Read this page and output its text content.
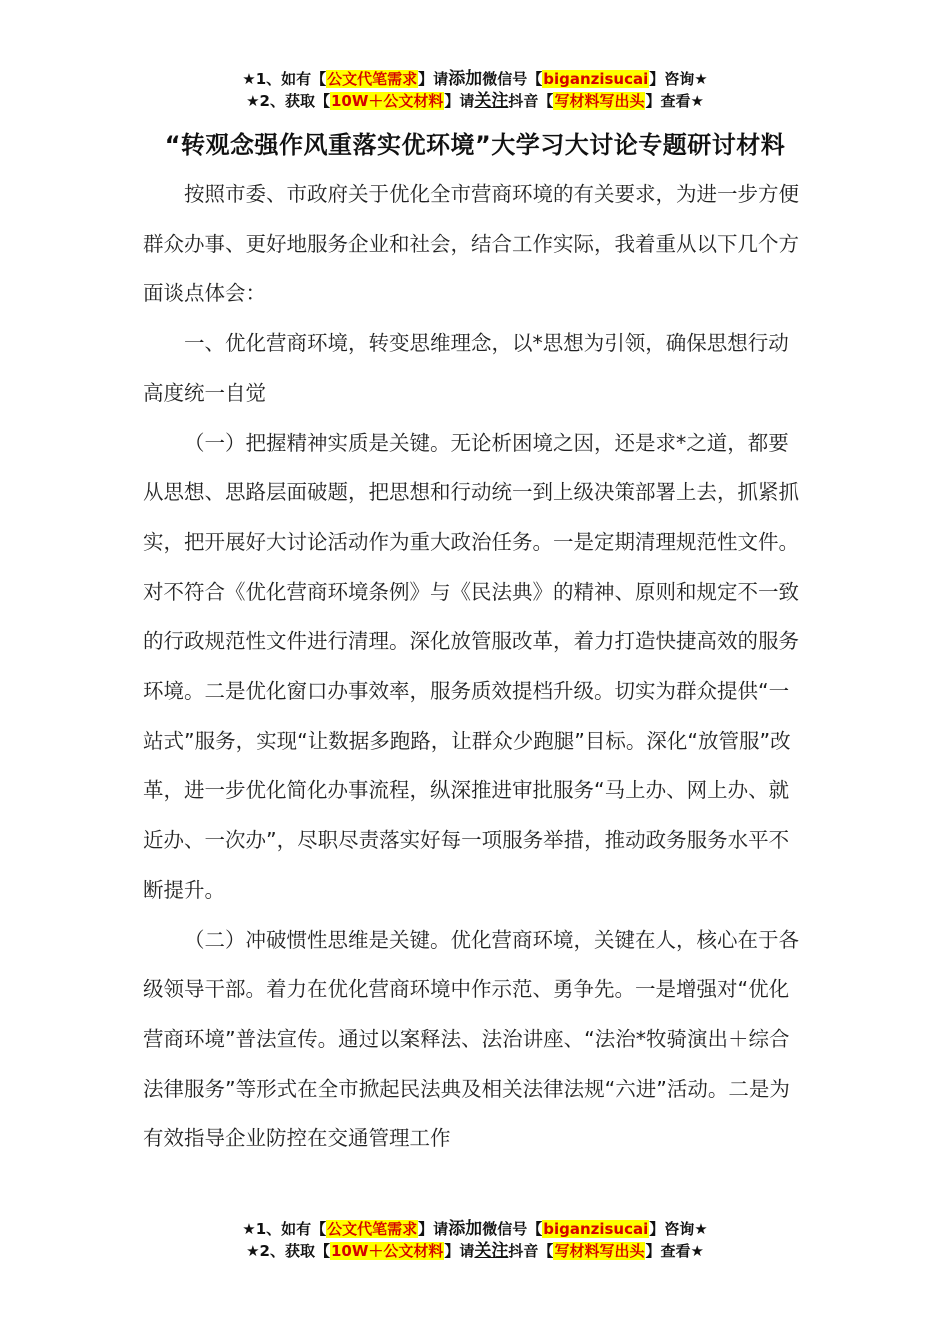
★1、如有【公文代笔需求】请添加微信号【biganzisucai】咨询★
★2、获取【10W＋公文材料】请关注抖音【写材料写出头】查看★
“转观念强作风重落实优环境”大学习大讨论专题研讨材料

按照市委、市政府关于优化全市营商环境的有关要求，为进一步方便群众办事、更好地服务企业和社会，结合工作实际，我着重从以下几个方面谈点体会：

一、优化营商环境，转变思维理念，以*思想为引领，确保思想行动高度统一自觉

（一）把握精神实质是关键。无论析困境之因，还是求*之道，都要从思想、思路层面破题，把思想和行动统一到上级决策部署上去，抓紧抓实，把开展好大讨论活动作为重大政治任务。一是定期清理规范性文件。对不符合《优化营商环境条例》与《民法典》的精神、原则和规定不一致的行政规范性文件进行清理。深化放管服改革，着力打造快捷高效的服务环境。二是优化窗口办事效率，服务质效提档升级。切实为群众提供“一站式”服务，实现“让数据多跑路，让群众少跑腿”目标。深化“放管服”改革，进一步优化简化办事流程，纵深推进审批服务“马上办、网上办、就近办、一次办”，尽职尽责落实好每一项服务举措，推动政务服务水平不断提升。

（二）冲破惯性思维是关键。优化营商环境，关键在人，核心在于各级领导干部。着力在优化营商环境中作示范、勇争先。一是增强对“优化营商环境”普法宣传。通过以案释法、法治讲座、“法治*牧骑演出＋综合法律服务”等形式在全市掀起民法典及相关法律法规“六进”活动。二是为有效指导企业防控在交通管理工作

★1、如有【公文代笔需求】请添加微信号【biganzisucai】咨询★
★2、获取【10W＋公文材料】请关注抖音【写材料写出头】查看★
